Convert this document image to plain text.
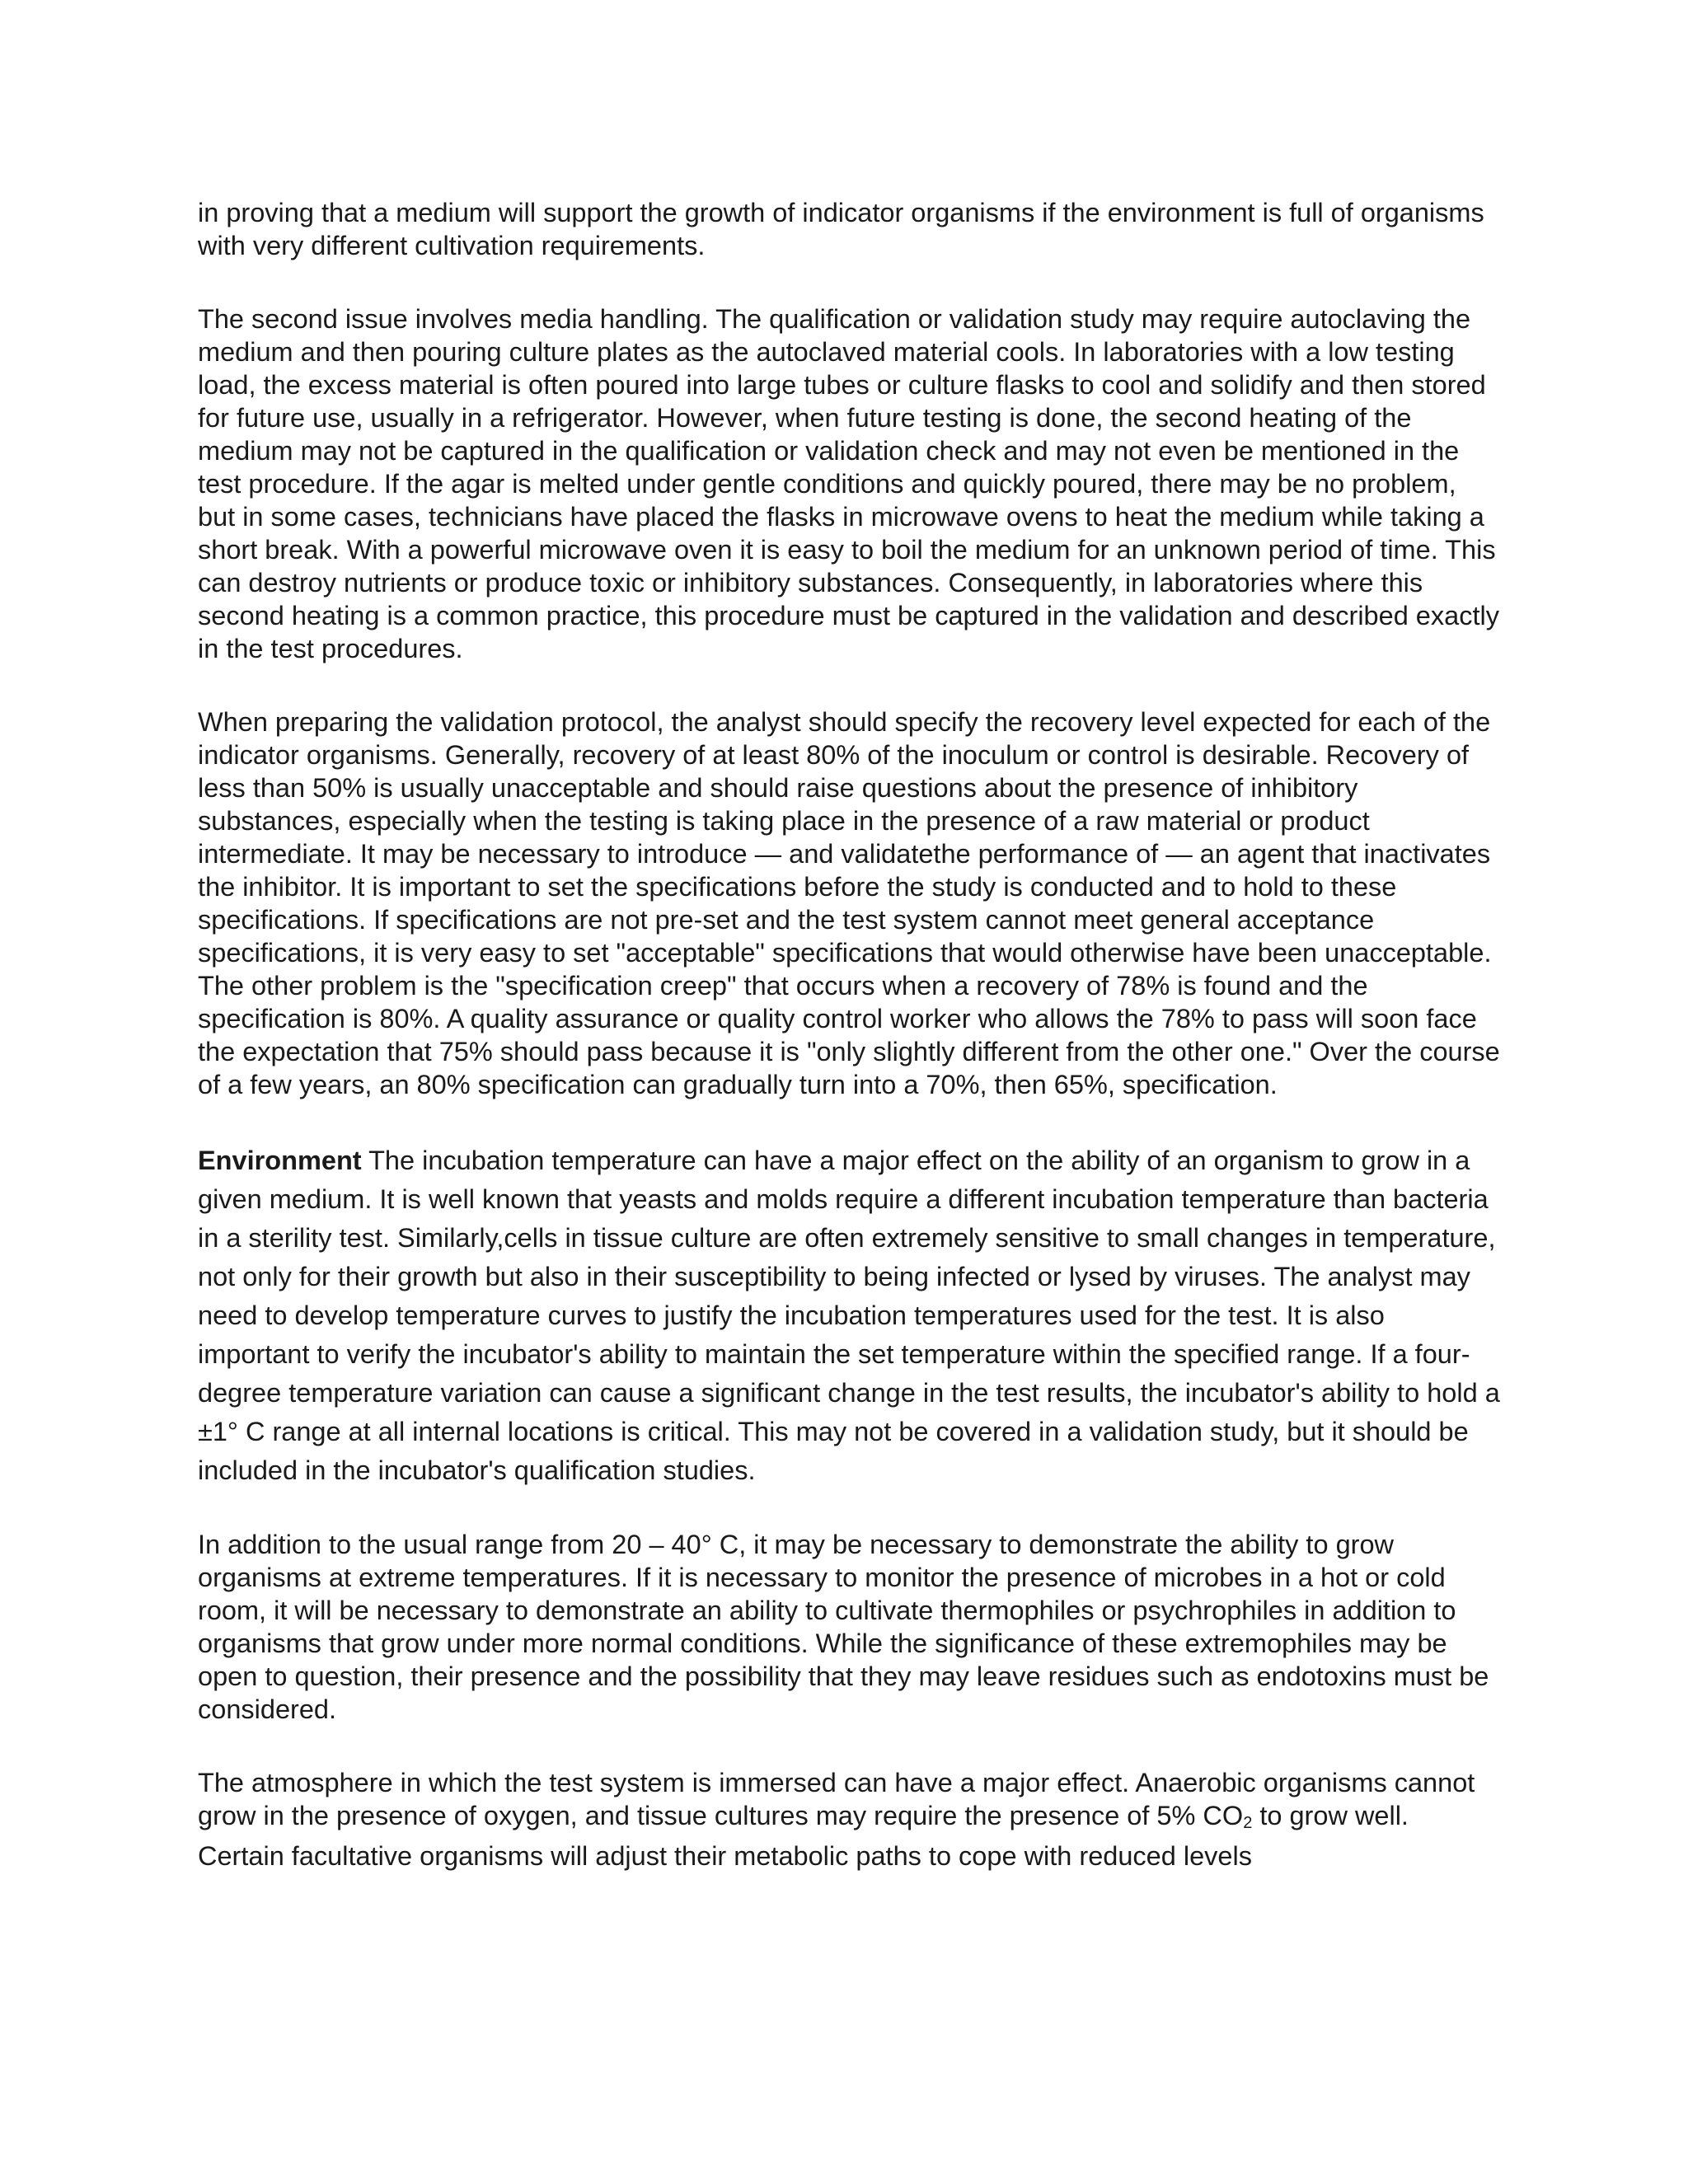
in proving that a medium will support the growth of indicator organisms if the environment is full of organisms with very different cultivation requirements.

The second issue involves media handling. The qualification or validation study may require autoclaving the medium and then pouring culture plates as the autoclaved material cools. In laboratories with a low testing load, the excess material is often poured into large tubes or culture flasks to cool and solidify and then stored for future use, usually in a refrigerator. However, when future testing is done, the second heating of the medium may not be captured in the qualification or validation check and may not even be mentioned in the test procedure. If the agar is melted under gentle conditions and quickly poured, there may be no problem, but in some cases, technicians have placed the flasks in microwave ovens to heat the medium while taking a short break. With a powerful microwave oven it is easy to boil the medium for an unknown period of time. This can destroy nutrients or produce toxic or inhibitory substances. Consequently, in laboratories where this second heating is a common practice, this procedure must be captured in the validation and described exactly in the test procedures.

When preparing the validation protocol, the analyst should specify the recovery level expected for each of the indicator organisms. Generally, recovery of at least 80% of the inoculum or control is desirable. Recovery of less than 50% is usually unacceptable and should raise questions about the presence of inhibitory substances, especially when the testing is taking place in the presence of a raw material or product intermediate. It may be necessary to introduce — and validatethe performance of — an agent that inactivates the inhibitor. It is important to set the specifications before the study is conducted and to hold to these specifications. If specifications are not pre-set and the test system cannot meet general acceptance specifications, it is very easy to set "acceptable" specifications that would otherwise have been unacceptable. The other problem is the "specification creep" that occurs when a recovery of 78% is found and the specification is 80%. A quality assurance or quality control worker who allows the 78% to pass will soon face the expectation that 75% should pass because it is "only slightly different from the other one." Over the course of a few years, an 80% specification can gradually turn into a 70%, then 65%, specification.

Environment The incubation temperature can have a major effect on the ability of an organism to grow in a given medium. It is well known that yeasts and molds require a different incubation temperature than bacteria in a sterility test. Similarly,cells in tissue culture are often extremely sensitive to small changes in temperature, not only for their growth but also in their susceptibility to being infected or lysed by viruses. The analyst may need to develop temperature curves to justify the incubation temperatures used for the test. It is also important to verify the incubator's ability to maintain the set temperature within the specified range. If a four-degree temperature variation can cause a significant change in the test results, the incubator's ability to hold a ±1° C range at all internal locations is critical. This may not be covered in a validation study, but it should be included in the incubator's qualification studies.

In addition to the usual range from 20 – 40° C, it may be necessary to demonstrate the ability to grow organisms at extreme temperatures. If it is necessary to monitor the presence of microbes in a hot or cold room, it will be necessary to demonstrate an ability to cultivate thermophiles or psychrophiles in addition to organisms that grow under more normal conditions. While the significance of these extremophiles may be open to question, their presence and the possibility that they may leave residues such as endotoxins must be considered.

The atmosphere in which the test system is immersed can have a major effect. Anaerobic organisms cannot grow in the presence of oxygen, and tissue cultures may require the presence of 5% $CO_2$ to grow well. Certain facultative organisms will adjust their metabolic paths to cope with reduced levels
